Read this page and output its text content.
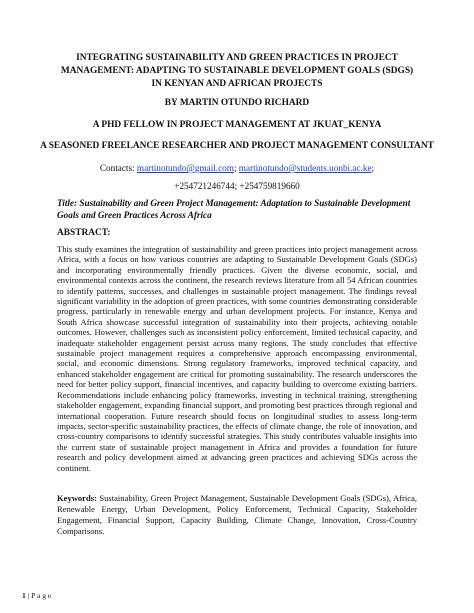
INTEGRATING SUSTAINABILITY AND GREEN PRACTICES IN PROJECT
MANAGEMENT: ADAPTING TO SUSTAINABLE DEVELOPMENT GOALS (SDGS)
IN KENYAN AND AFRICAN PROJECTS
BY MARTIN OTUNDO RICHARD
A PHD FELLOW IN PROJECT MANAGEMENT AT JKUAT_KENYA
A SEASONED FREELANCE RESEARCHER AND PROJECT MANAGEMENT CONSULTANT
Contacts: martinotundo@gmail.com; martinotundo@students.uonbi.ac.ke;
+254721246744; +254759819660
Title: Sustainability and Green Project Management: Adaptation to Sustainable Development Goals and Green Practices Across Africa
ABSTRACT:
This study examines the integration of sustainability and green practices into project management across Africa, with a focus on how various countries are adapting to Sustainable Development Goals (SDGs) and incorporating environmentally friendly practices. Given the diverse economic, social, and environmental contexts across the continent, the research reviews literature from all 54 African countries to identify patterns, successes, and challenges in sustainable project management. The findings reveal significant variability in the adoption of green practices, with some countries demonstrating considerable progress, particularly in renewable energy and urban development projects. For instance, Kenya and South Africa showcase successful integration of sustainability into their projects, achieving notable outcomes. However, challenges such as inconsistent policy enforcement, limited technical capacity, and inadequate stakeholder engagement persist across many regions. The study concludes that effective sustainable project management requires a comprehensive approach encompassing environmental, social, and economic dimensions. Strong regulatory frameworks, improved technical capacity, and enhanced stakeholder engagement are critical for promoting sustainability. The research underscores the need for better policy support, financial incentives, and capacity building to overcome existing barriers. Recommendations include enhancing policy frameworks, investing in technical training, strengthening stakeholder engagement, expanding financial support, and promoting best practices through regional and international cooperation. Future research should focus on longitudinal studies to assess long-term impacts, sector-specific sustainability practices, the effects of climate change, the role of innovation, and cross-country comparisons to identify successful strategies. This study contributes valuable insights into the current state of sustainable project management in Africa and provides a foundation for future research and policy development aimed at advancing green practices and achieving SDGs across the continent.
Keywords: Sustainability, Green Project Management, Sustainable Development Goals (SDGs), Africa, Renewable Energy, Urban Development, Policy Enforcement, Technical Capacity, Stakeholder Engagement, Financial Support, Capacity Building, Climate Change, Innovation, Cross-Country Comparisons.
1 | P a g e
